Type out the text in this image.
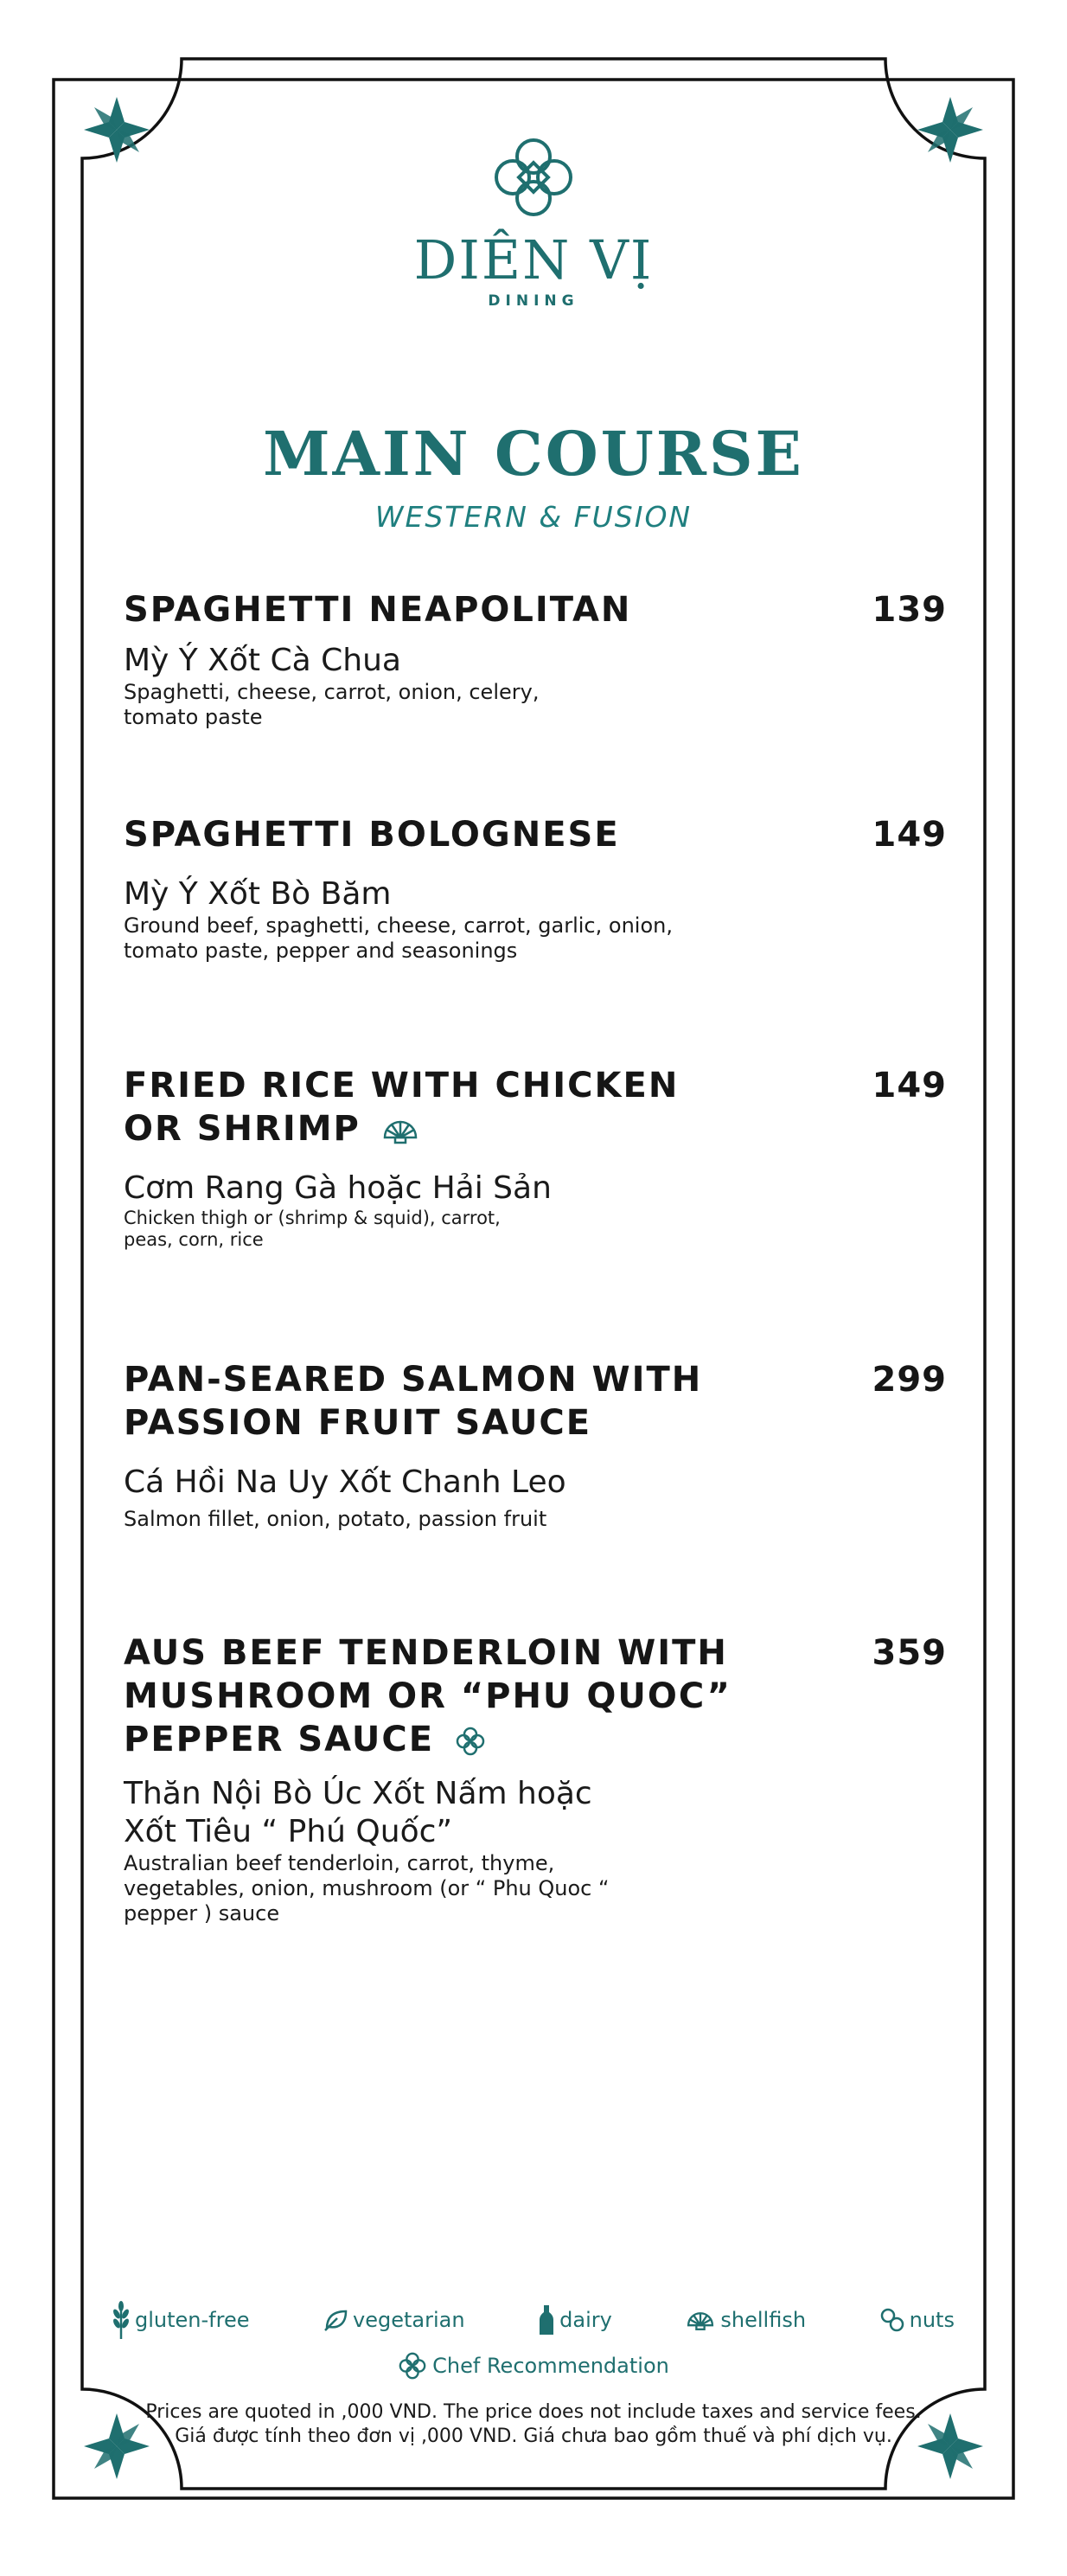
DIÊN VỊ
DINING
MAIN COURSE
WESTERN & FUSION
SPAGHETTI NEAPOLITAN	139
Mỳ Ý Xốt Cà Chua
Spaghetti, cheese, carrot, onion, celery, tomato paste
SPAGHETTI BOLOGNESE	149
Mỳ Ý Xốt Bò Băm
Ground beef, spaghetti, cheese, carrot, garlic, onion, tomato paste, pepper and seasonings
FRIED RICE WITH CHICKEN OR SHRIMP
149
Cơm Rang Gà hoặc Hải Sản
Chicken thigh or (shrimp & squid), carrot, peas, corn, rice
PAN-SEARED SALMON WITH PASSION FRUIT SAUCE
299
Cá Hồi Na Uy Xốt Chanh Leo
Salmon fillet, onion, potato, passion fruit
AUS BEEF TENDERLOIN WITH MUSHROOM OR “PHU QUOC” PEPPER SAUCE
359
Thăn Nội Bò Úc Xốt Nấm hoặc Xốt Tiêu “ Phú Quốc”
Australian beef tenderloin, carrot, thyme, vegetables, onion, mushroom (or “ Phu Quoc “ pepper ) sauce
gluten-free	vegetarian	dairy	shellfish	nuts
Chef Recommendation
Prices are quoted in ,000 VND. The price does not include taxes and service fees.
Giá được tính theo đơn vị ,000 VND. Giá chưa bao gồm thuế và phí dịch vụ.
